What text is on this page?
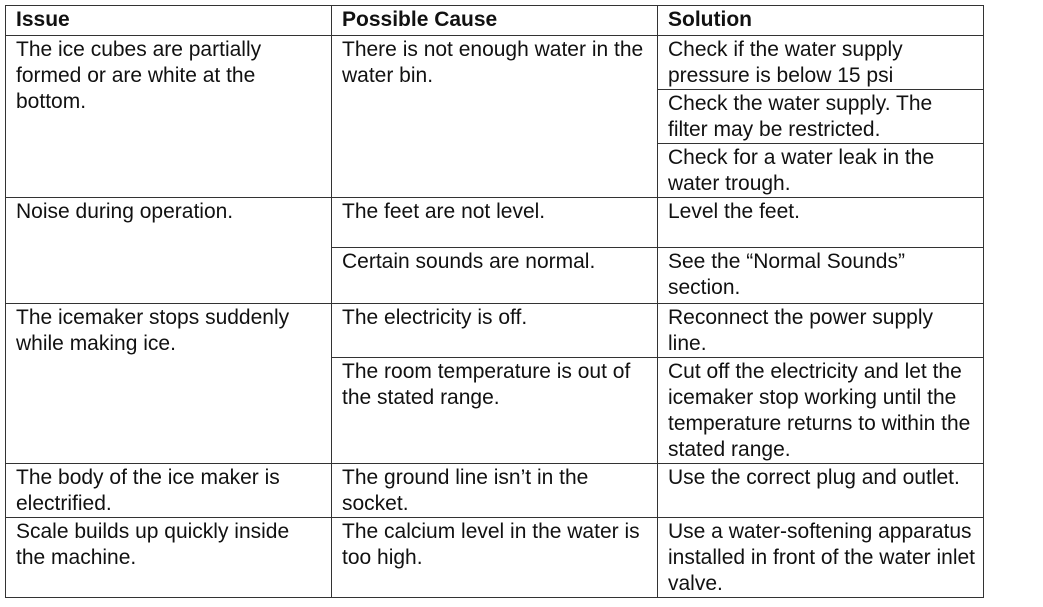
Issue	Possible Cause	Solution
The ice cubes are partially formed or are white at the bottom.	There is not enough water in the water bin.	Check if the water supply pressure is below 15 psi
		Check the water supply. The filter may be restricted.
		Check for a water leak in the water trough.
Noise during operation.	The feet are not level.	Level the feet.
	Certain sounds are normal.	See the “Normal Sounds” section.
The icemaker stops suddenly while making ice.	The electricity is off.	Reconnect the power supply line.
	The room temperature is out of the stated range.	Cut off the electricity and let the icemaker stop working until the temperature returns to within the stated range.
The body of the ice maker is electrified.	The ground line isn’t in the socket.	Use the correct plug and outlet.
Scale builds up quickly inside the machine.	The calcium level in the water is too high.	Use a water-softening apparatus installed in front of the water inlet valve.
